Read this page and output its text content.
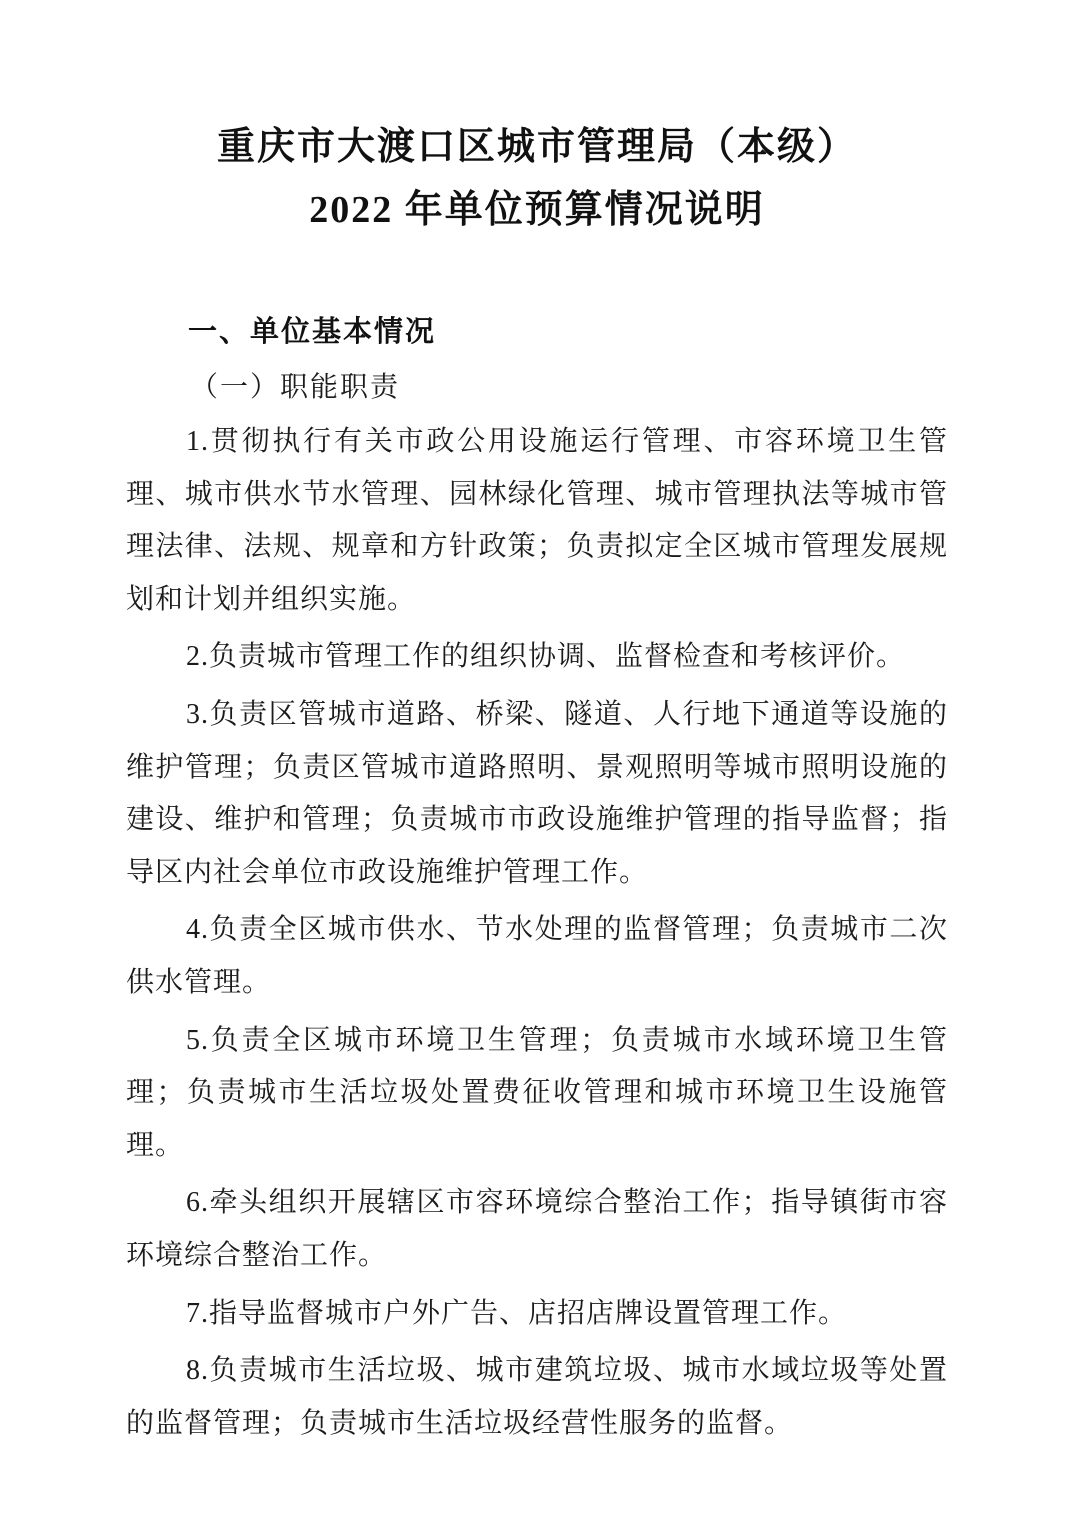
重庆市大渡口区城市管理局（本级）
2022 年单位预算情况说明
一、单位基本情况
（一）职能职责

1.贯彻执行有关市政公用设施运行管理、市容环境卫生管理、城市供水节水管理、园林绿化管理、城市管理执法等城市管理法律、法规、规章和方针政策；负责拟定全区城市管理发展规划和计划并组织实施。

2.负责城市管理工作的组织协调、监督检查和考核评价。

3.负责区管城市道路、桥梁、隧道、人行地下通道等设施的维护管理；负责区管城市道路照明、景观照明等城市照明设施的建设、维护和管理；负责城市市政设施维护管理的指导监督；指导区内社会单位市政设施维护管理工作。

4.负责全区城市供水、节水处理的监督管理；负责城市二次供水管理。

5.负责全区城市环境卫生管理；负责城市水域环境卫生管理；负责城市生活垃圾处置费征收管理和城市环境卫生设施管理。

6.牵头组织开展辖区市容环境综合整治工作；指导镇街市容环境综合整治工作。

7.指导监督城市户外广告、店招店牌设置管理工作。

8.负责城市生活垃圾、城市建筑垃圾、城市水域垃圾等处置的监督管理；负责城市生活垃圾经营性服务的监督。
